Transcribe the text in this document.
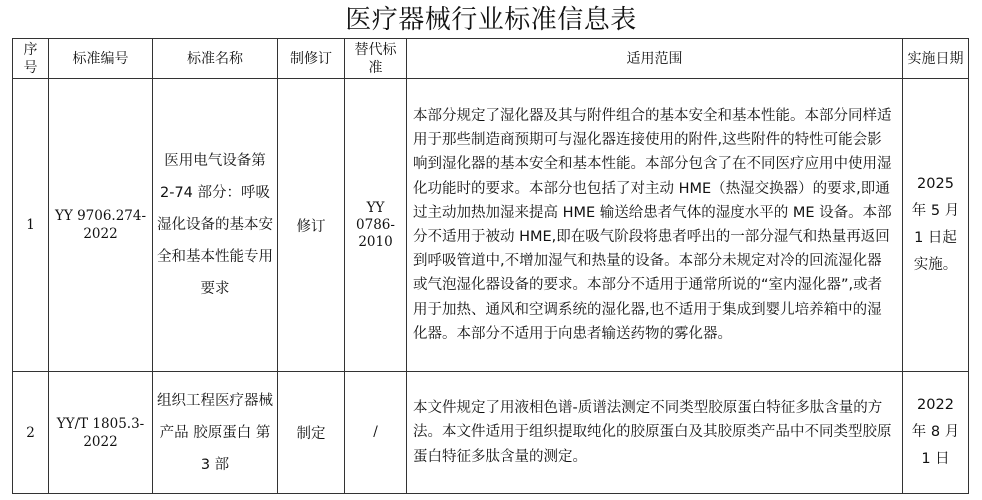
医疗器械行业标准信息表
序号	标准编号	标准名称	制修订	替代标准	适用范围	实施日期
1	YY 9706.274-2022	医用电气设备第 2-74 部分：呼吸湿化设备的基本安全和基本性能专用要求	修订	YY 0786-2010	本部分规定了湿化器及其与附件组合的基本安全和基本性能。本部分同样适用于那些制造商预期可与湿化器连接使用的附件,这些附件的特性可能会影响到湿化器的基本安全和基本性能。本部分包含了在不同医疗应用中使用湿化功能时的要求。本部分也包括了对主动 HME（热湿交换器）的要求,即通过主动加热加湿来提高 HME 输送给患者气体的湿度水平的 ME 设备。本部分不适用于被动 HME,即在吸气阶段将患者呼出的一部分湿气和热量再返回到呼吸管道中,不增加湿气和热量的设备。本部分未规定对冷的回流湿化器或气泡湿化器设备的要求。本部分不适用于通常所说的“室内湿化器”,或者用于加热、通风和空调系统的湿化器,也不适用于集成到婴儿培养箱中的湿化器。本部分不适用于向患者输送药物的雾化器。	2025 年 5 月 1 日起实施。
2	YY/T 1805.3-2022	组织工程医疗器械产品 胶原蛋白 第 3 部	制定	/	本文件规定了用液相色谱-质谱法测定不同类型胶原蛋白特征多肽含量的方法。本文件适用于组织提取纯化的胶原蛋白及其胶原类产品中不同类型胶原蛋白特征多肽含量的测定。	2022 年 8 月 1 日
